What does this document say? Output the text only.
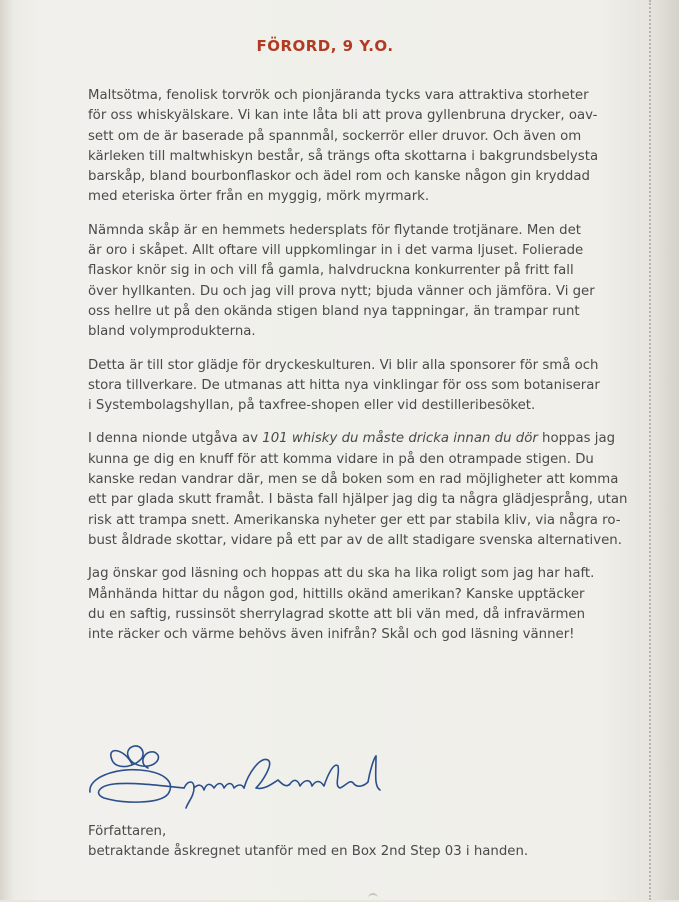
FÖRORD, 9 Y.O.

Maltsötma, fenolisk torvrök och pionjäranda tycks vara attraktiva storheter
för oss whiskyälskare. Vi kan inte låta bli att prova gyllenbruna drycker, oav-
sett om de är baserade på spannmål, sockerrör eller druvor. Och även om
kärleken till maltwhiskyn består, så trängs ofta skottarna i bakgrundsbelysta
barskåp, bland bourbonflaskor och ädel rom och kanske någon gin kryddad
med eteriska örter från en myggig, mörk myrmark.

Nämnda skåp är en hemmets hedersplats för flytande trotjänare. Men det
är oro i skåpet. Allt oftare vill uppkomlingar in i det varma ljuset. Folierade
flaskor knör sig in och vill få gamla, halvdruckna konkurrenter på fritt fall
över hyllkanten. Du och jag vill prova nytt; bjuda vänner och jämföra. Vi ger
oss hellre ut på den okända stigen bland nya tappningar, än trampar runt
bland volymprodukterna.

Detta är till stor glädje för dryckeskulturen. Vi blir alla sponsorer för små och
stora tillverkare. De utmanas att hitta nya vinklingar för oss som botaniserar
i Systembolagshyllan, på taxfree-shopen eller vid destilleribesöket.

I denna nionde utgåva av 101 whisky du måste dricka innan du dör hoppas jag
kunna ge dig en knuff för att komma vidare in på den otrampade stigen. Du
kanske redan vandrar där, men se då boken som en rad möjligheter att komma
ett par glada skutt framåt. I bästa fall hjälper jag dig ta några glädjesprång, utan
risk att trampa snett. Amerikanska nyheter ger ett par stabila kliv, via några ro-
bust åldrade skottar, vidare på ett par av de allt stadigare svenska alternativen.

Jag önskar god läsning och hoppas att du ska ha lika roligt som jag har haft.
Månhända hittar du någon god, hittills okänd amerikan? Kanske upptäcker
du en saftig, russinsöt sherrylagrad skotte att bli vän med, då infravärmen
inte räcker och värme behövs även inifrån? Skål och god läsning vänner!

Författaren,
betraktande åskregnet utanför med en Box 2nd Step 03 i handen.
